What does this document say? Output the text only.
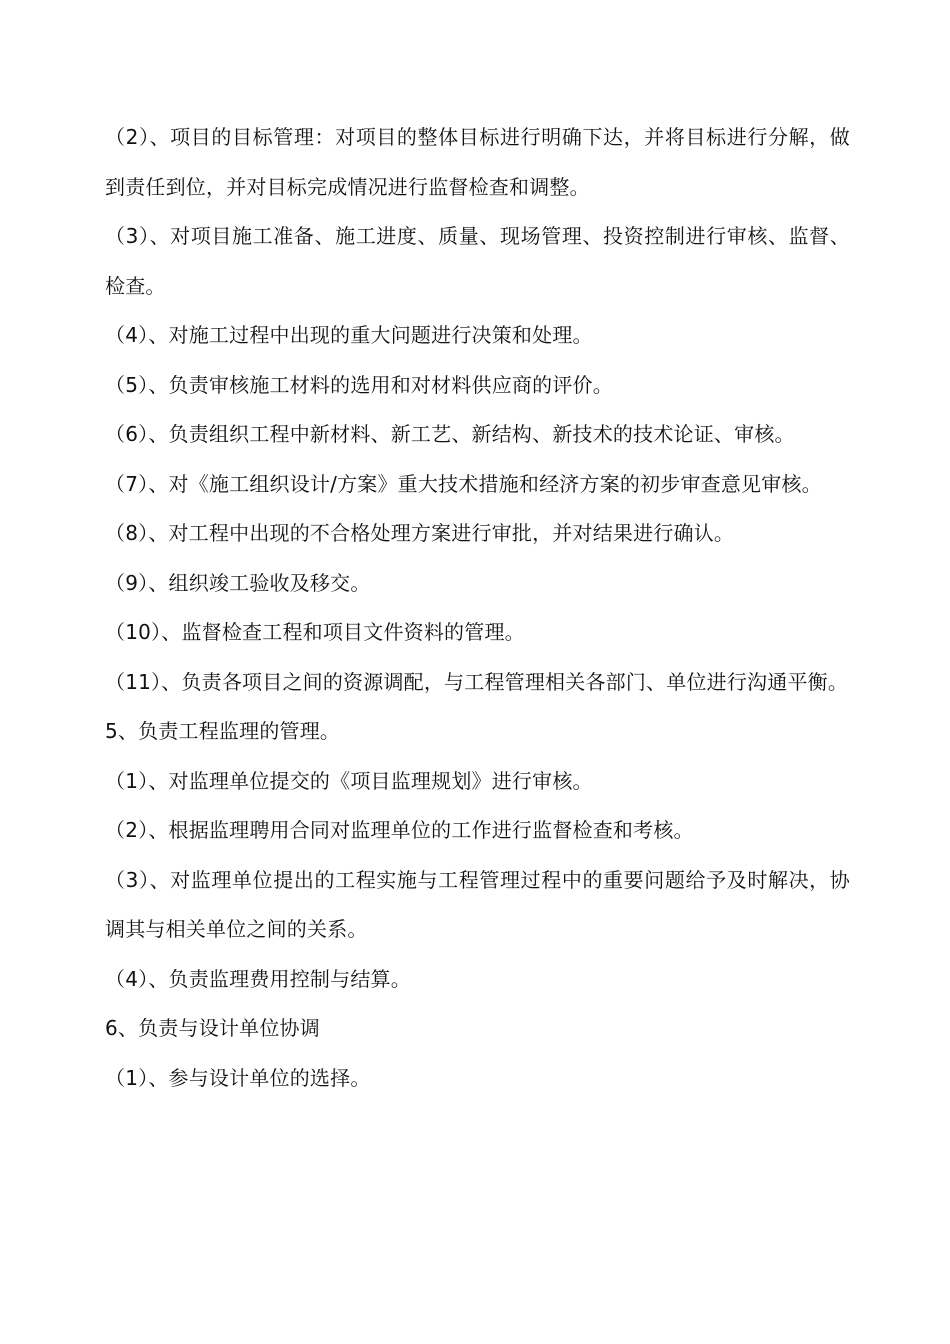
（2）、项目的目标管理：对项目的整体目标进行明确下达，并将目标进行分解，做到责任到位，并对目标完成情况进行监督检查和调整。

（3）、对项目施工准备、施工进度、质量、现场管理、投资控制进行审核、监督、检查。

（4）、对施工过程中出现的重大问题进行决策和处理。

（5）、负责审核施工材料的选用和对材料供应商的评价。

（6）、负责组织工程中新材料、新工艺、新结构、新技术的技术论证、审核。

（7）、对《施工组织设计/方案》重大技术措施和经济方案的初步审查意见审核。

（8）、对工程中出现的不合格处理方案进行审批，并对结果进行确认。

（9）、组织竣工验收及移交。

（10）、监督检查工程和项目文件资料的管理。

（11）、负责各项目之间的资源调配，与工程管理相关各部门、单位进行沟通平衡。

5、负责工程监理的管理。

（1）、对监理单位提交的《项目监理规划》进行审核。

（2）、根据监理聘用合同对监理单位的工作进行监督检查和考核。

（3）、对监理单位提出的工程实施与工程管理过程中的重要问题给予及时解决，协调其与相关单位之间的关系。

（4）、负责监理费用控制与结算。

6、负责与设计单位协调

（1）、参与设计单位的选择。
